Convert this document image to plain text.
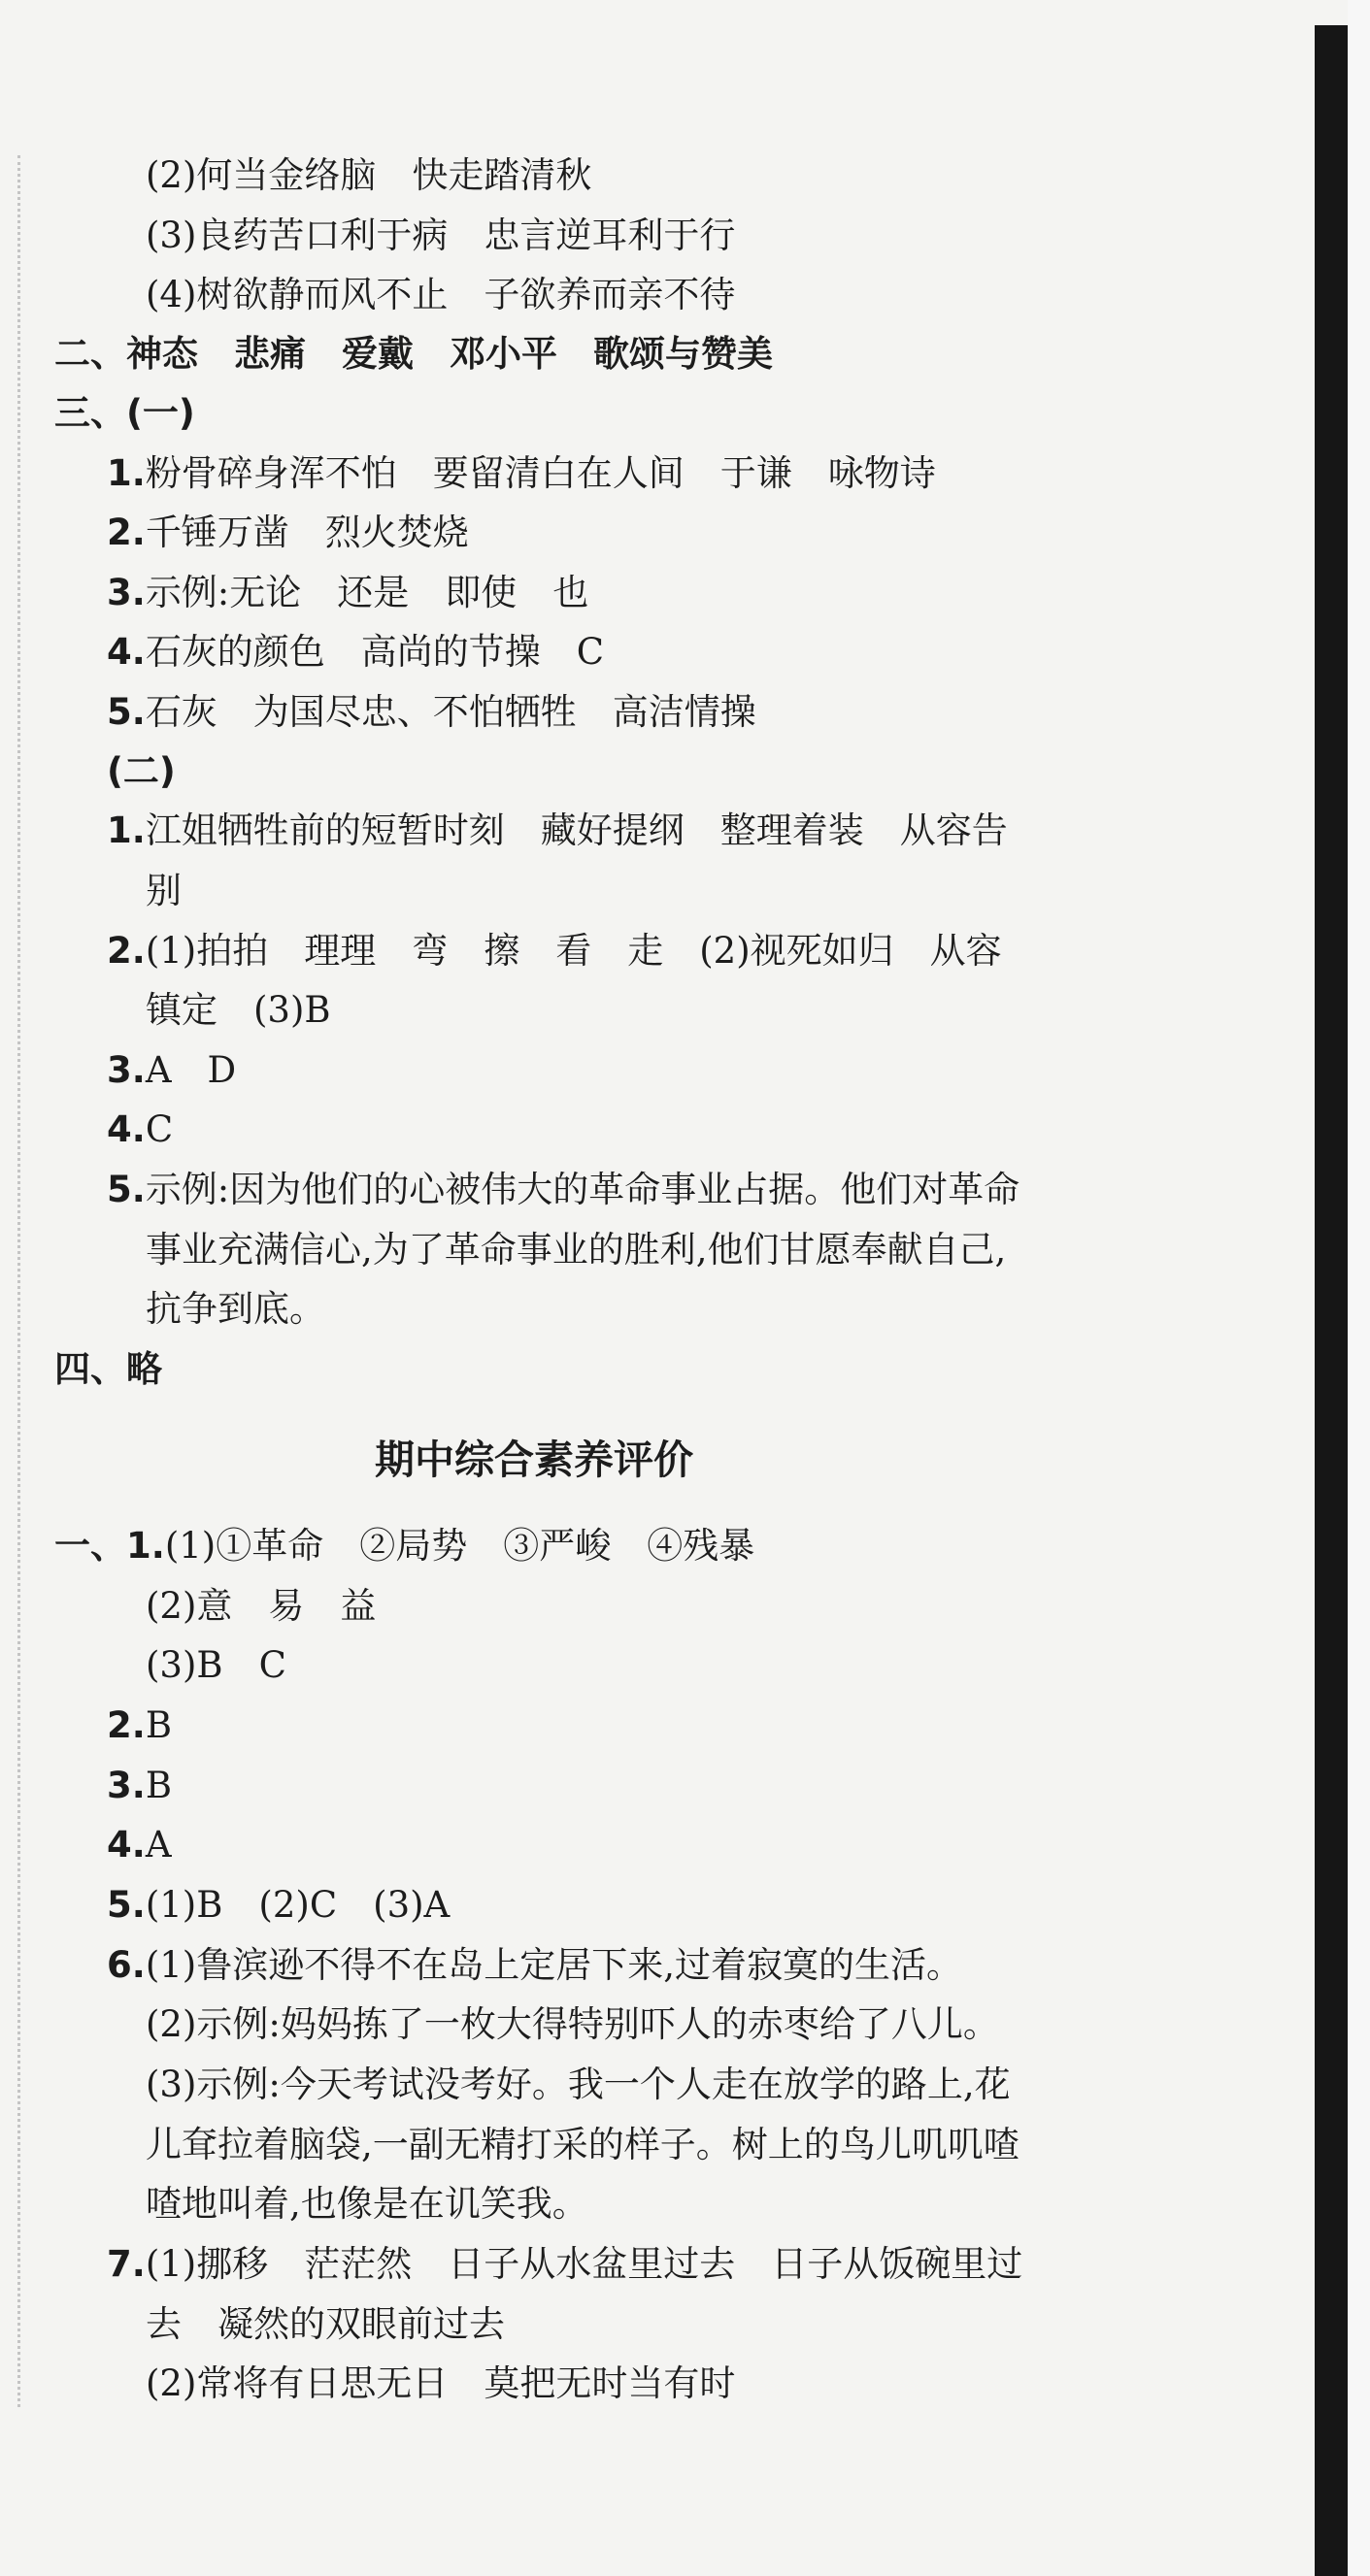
(2)何当金络脑　快走踏清秋
(3)良药苦口利于病　忠言逆耳利于行
(4)树欲静而风不止　子欲养而亲不待
二、神态　悲痛　爱戴　邓小平　歌颂与赞美
三、(一)
1.粉骨碎身浑不怕　要留清白在人间　于谦　咏物诗
2.千锤万凿　烈火焚烧
3.示例:无论　还是　即使　也
4.石灰的颜色　高尚的节操　C
5.石灰　为国尽忠、不怕牺牲　高洁情操
(二)
1.江姐牺牲前的短暂时刻　藏好提纲　整理着装　从容告
别
2.(1)拍拍　理理　弯　擦　看　走　(2)视死如归　从容
镇定　(3)B
3.A　D
4.C
5.示例:因为他们的心被伟大的革命事业占据。他们对革命
事业充满信心,为了革命事业的胜利,他们甘愿奉献自己,
抗争到底。
四、略
期中综合素养评价
一、1.(1)①革命　②局势　③严峻　④残暴
(2)意　易　益
(3)B　C
2.B
3.B
4.A
5.(1)B　(2)C　(3)A
6.(1)鲁滨逊不得不在岛上定居下来,过着寂寞的生活。
(2)示例:妈妈拣了一枚大得特别吓人的赤枣给了八儿。
(3)示例:今天考试没考好。我一个人走在放学的路上,花
儿耷拉着脑袋,一副无精打采的样子。树上的鸟儿叽叽喳
喳地叫着,也像是在讥笑我。
7.(1)挪移　茫茫然　日子从水盆里过去　日子从饭碗里过
去　凝然的双眼前过去
(2)常将有日思无日　莫把无时当有时
